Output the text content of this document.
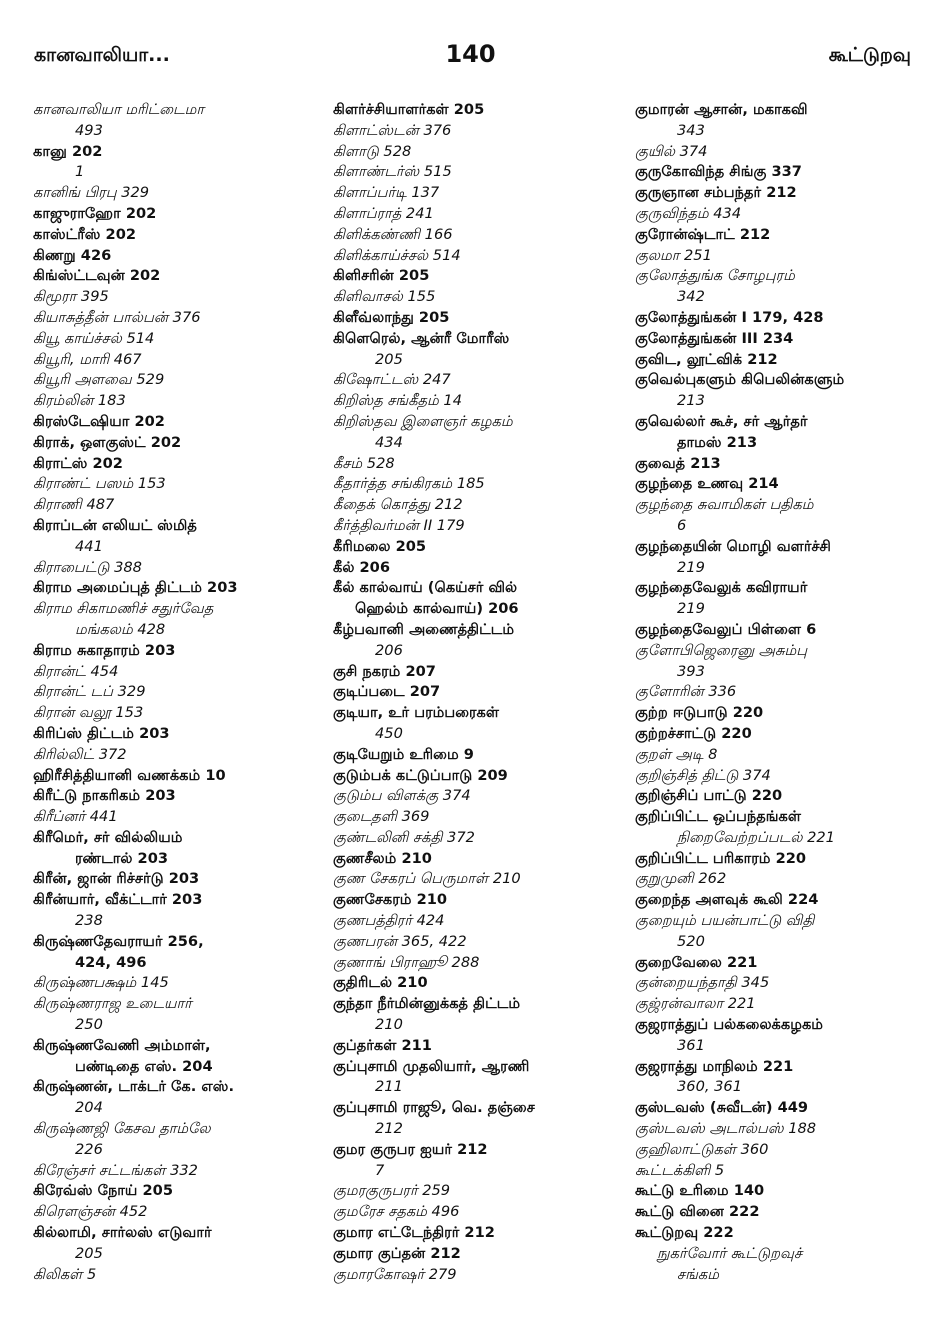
கானவாலியா...	140	கூட்டுறவு
கானவாலியா மரிட்டைமா
493
கானு 202
1
கானிங் பிரபு 329
காஜுராஹோ 202
காஸ்ட்ரீஸ் 202
கிணறு 426
கிங்ஸ்ட்டவுன் 202
கிமூரா 395
கியாசுத்தீன் பால்பன் 376
கியூ காய்ச்சல் 514
கியூரி, மாரி 467
கியூரி அளவை 529
கிரம்லின் 183
கிரஸ்டேஷியா 202
கிராக், ஒளகுஸ்ட் 202
கிராட்ஸ் 202
கிராண்ட் பஸம் 153
கிராணி 487
கிராப்டன் எலியட் ஸ்மித்
441
கிராபைட்டு 388
கிராம அமைப்புத் திட்டம் 203
கிராம சிகாமணிச் சதுர்வேத
மங்கலம் 428
கிராம சுகாதாரம் 203
கிரான்ட் 454
கிரான்ட் டப் 329
கிரான் வலூ 153
கிரிப்ஸ் திட்டம் 203
கிரில்லிட் 372
ஹிரீசித்தியானி வணக்கம் 10
கிரீட்டு நாகரிகம் 203
கிரீப்னர் 441
கிரீமெர், சர் வில்லியம்
ரண்டால் 203
கிரீன், ஜான் ரிச்சர்டு 203
கிரீன்யார், வீக்ட்டார் 203
238
கிருஷ்ணதேவராயர் 256,
424, 496
கிருஷ்ணபக்ஷம் 145
கிருஷ்ணராஜ உடையார்
250
கிருஷ்ணவேணி அம்மாள்,
பண்டிதை எஸ். 204
கிருஷ்ணன், டாக்டர் கே. எஸ்.
204
கிருஷ்ணஜி கேசவ தாம்லே
226
கிரேஞ்சர் சட்டங்கள் 332
கிரேவ்ஸ் நோய் 205
கிரௌஞ்சன் 452
கில்லாமி, சார்லஸ் எடுவார்
205
கிலிகள் 5
கிளர்ச்சியாளர்கள் 205
கிளாட்ஸ்டன் 376
கிளாடு 528
கிளாண்டர்ஸ் 515
கிளாப்பர்டி 137
கிளாப்ராத் 241
கிளிக்கண்ணி 166
கிளிக்காய்ச்சல் 514
கிளிசரின் 205
கிளிவாசல் 155
கிளீவ்லாந்து 205
கிளெரெல், ஆன்ரீ மோரீஸ்
205
கிஷோட்டஸ் 247
கிறிஸ்த சங்கீதம் 14
கிறிஸ்தவ இளைஞர் கழகம்
434
கீசம் 528
கீதார்த்த சங்கிரகம் 185
கீதைக் கொத்து 212
கீர்த்திவர்மன் II 179
கீரிமலை 205
கீல் 206
கீல் கால்வாய் (கெய்சர் வில்
ஹெல்ம் கால்வாய்) 206
கீழ்பவானி அணைத்திட்டம்
206
குசி நகரம் 207
குடிப்படை 207
குடியா, உர் பரம்பரைகள்
450
குடியேறும் உரிமை 9
குடும்பக் கட்டுப்பாடு 209
குடும்ப விளக்கு 374
குடைதளி 369
குண்டலினி சக்தி 372
குணசீலம் 210
குண சேகரப் பெருமாள் 210
குணசேகரம் 210
குணபத்திரர் 424
குணபரன் 365, 422
குணாங் பிராஹூ 288
குதிரிடல் 210
குந்தா நீர்மின்னுக்கத் திட்டம்
210
குப்தர்கள் 211
குப்புசாமி முதலியார், ஆரணி
211
குப்புசாமி ராஜூ, வெ. தஞ்சை
212
குமர குருபர ஐயர் 212
7
குமரகுருபரர் 259
குமரேச சதகம் 496
குமார எட்டேந்திரர் 212
குமார குப்தன் 212
குமாரகோஷர் 279
குமாரன் ஆசான், மகாகவி
343
குயில் 374
குருகோவிந்த சிங்கு 337
குருஞான சம்பந்தர் 212
குருவிந்தம் 434
குரோன்ஷ்டாட் 212
குலமா 251
குலோத்துங்க சோழபுரம்
342
குலோத்துங்கன் I 179, 428
குலோத்துங்கன் III 234
குவிட, லூட்விக் 212
குவெல்புகளும் கிபெலின்களும்
213
குவெல்லர் கூச், சர் ஆர்தர்
தாமஸ் 213
குவைத் 213
குழந்தை உணவு 214
குழந்தை சுவாமிகள் பதிகம்
6
குழந்தையின் மொழி வளர்ச்சி
219
குழந்தைவேலுக் கவிராயர்
219
குழந்தைவேலுப் பிள்ளை 6
குளோபிஜெரைனு அசும்பு
393
குளோரின் 336
குற்ற ஈடுபாடு 220
குற்றச்சாட்டு 220
குறள் அடி 8
குறிஞ்சித் திட்டு 374
குறிஞ்சிப் பாட்டு 220
குறிப்பிட்ட ஒப்பந்தங்கள்
நிறைவேற்றப்படல் 221
குறிப்பிட்ட பரிகாரம் 220
குறுமுனி 262
குறைந்த அளவுக் கூலி 224
குறையும் பயன்பாட்டு விதி
520
குறைவேலை 221
குன்றையந்தாதி 345
குஜ்ரன்வாலா 221
குஜராத்துப் பல்கலைக்கழகம்
361
குஜராத்து மாநிலம் 221
360, 361
குஸ்டவஸ் (சுவீடன்) 449
குஸ்டவஸ் அடால்பஸ் 188
குஹிலாட்டுகள் 360
கூட்டக்கிளி 5
கூட்டு உரிமை 140
கூட்டு வினை 222
கூட்டுறவு 222
நுகர்வோர் கூட்டுறவுச்
சங்கம்
